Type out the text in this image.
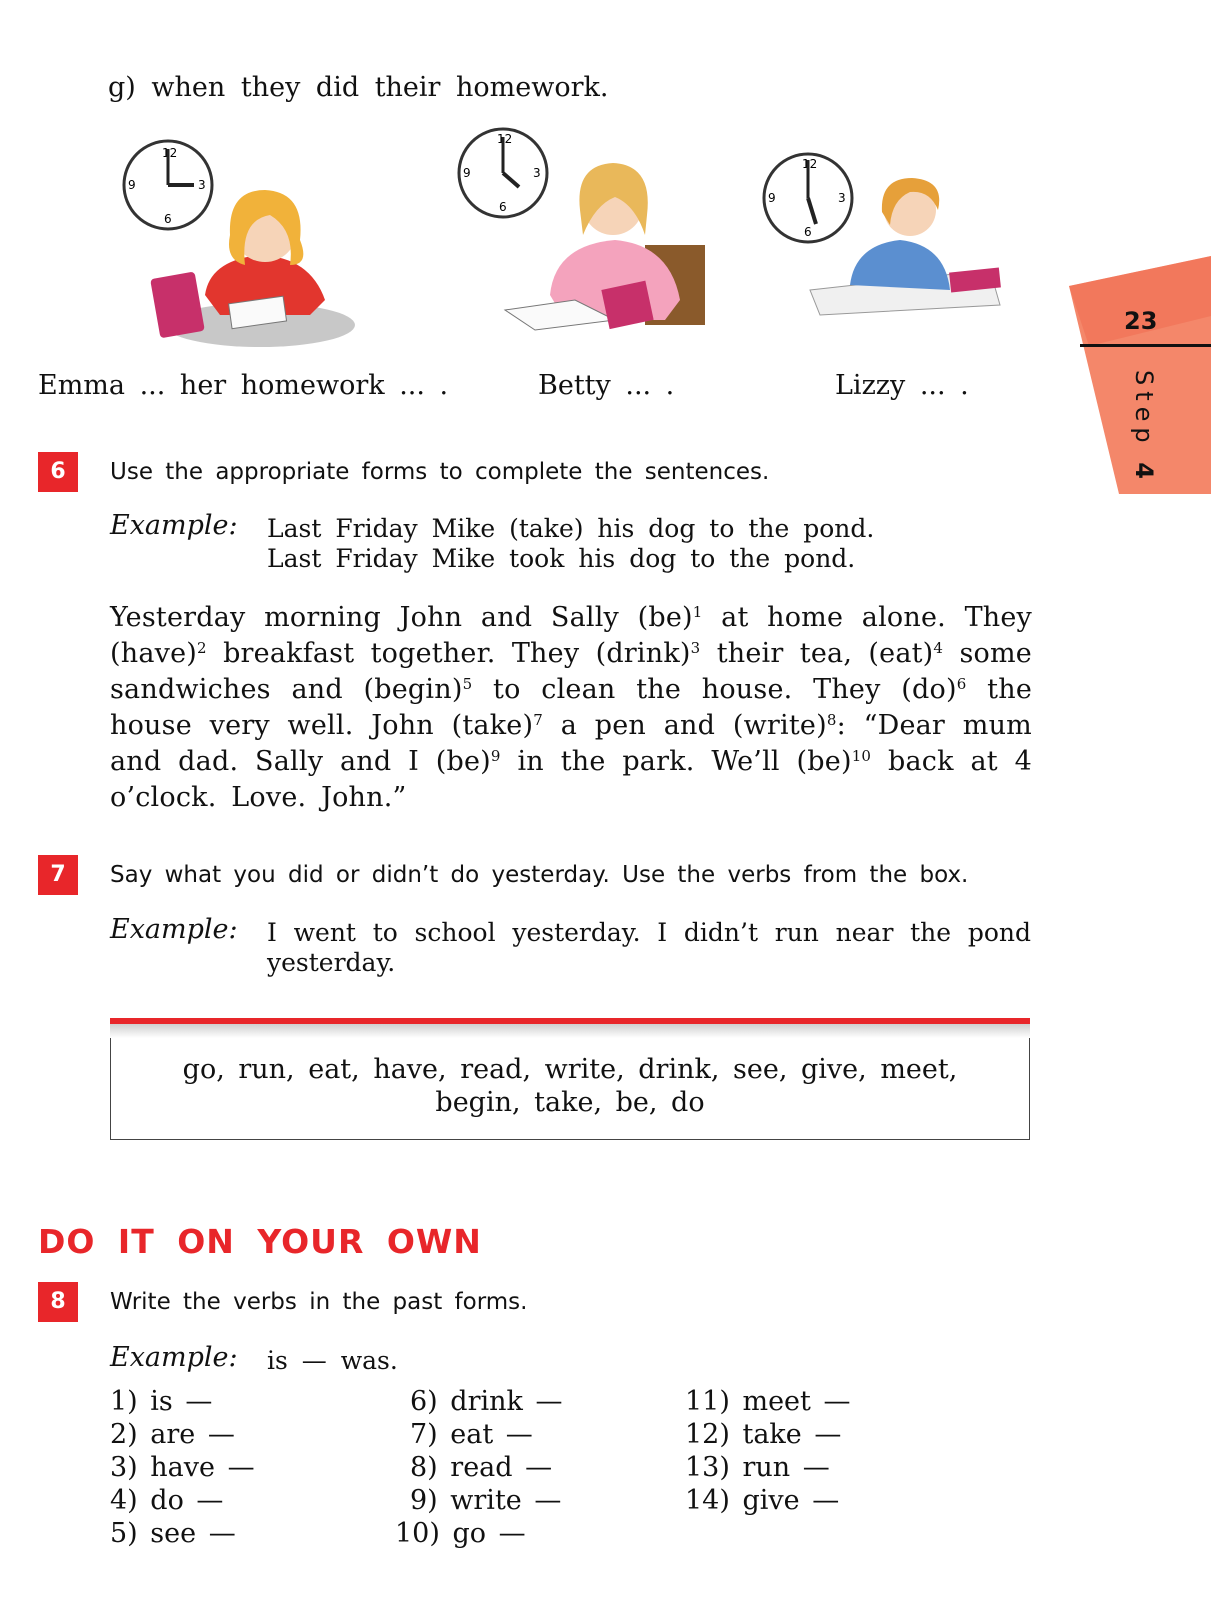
g) when they did their homework.
12
3
6
9
12
3
6
9
12
3
6
9
Emma ... her homework ... .	Betty ... .	Lizzy ... .
23
Step 4
6	Use the appropriate forms to complete the sentences.
Example: Last Friday Mike (take) his dog to the pond.
Last Friday Mike took his dog to the pond.
Yesterday morning John and Sally (be)$^1$ at home alone. They (have)$^2$ breakfast together. They (drink)$^3$ their tea, (eat)$^4$ some sandwiches and (begin)$^5$ to clean the house. They (do)$^6$ the house very well. John (take)$^7$ a pen and (write)$^8$: “Dear mum and dad. Sally and I (be)$^9$ in the park. We’ll (be)$^{10}$ back at 4 o’clock. Love. John.”
7	Say what you did or didn’t do yesterday. Use the verbs from the box.
Example: I went to school yesterday. I didn’t run near the pond
yesterday.
go, run, eat, have, read, write, drink, see, give, meet,
begin, take, be, do
DO IT ON YOUR OWN
8	Write the verbs in the past forms.
Example: is — was.
1) is —
2) are —
3) have —
4) do —
5) see —
6) drink —
7) eat —
8) read —
9) write —
10) go —
11) meet —
12) take —
13) run —
14) give —
